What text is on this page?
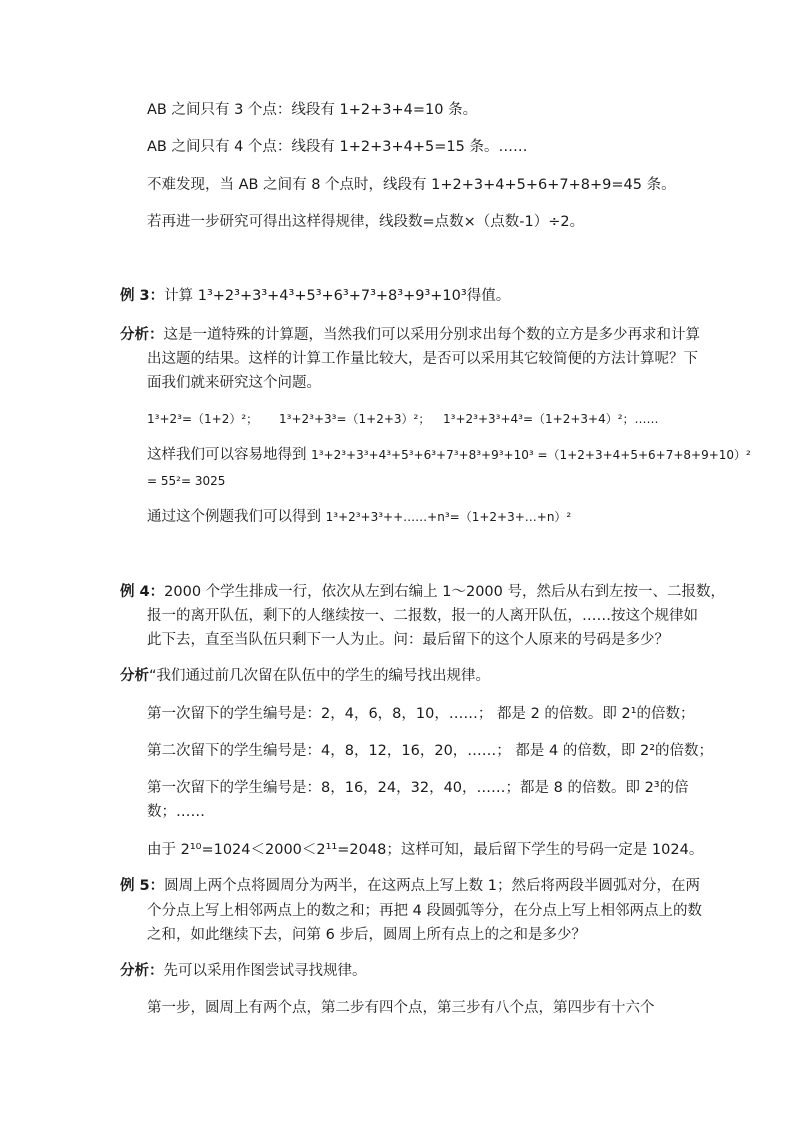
AB 之间只有 3 个点：线段有 1+2+3+4=10 条。
AB 之间只有 4 个点：线段有 1+2+3+4+5=15 条。……
不难发现，当 AB 之间有 8 个点时，线段有 1+2+3+4+5+6+7+8+9=45 条。
若再进一步研究可得出这样得规律，线段数=点数×（点数-1）÷2。
例 3：计算 1³+2³+3³+4³+5³+6³+7³+8³+9³+10³得值。
分析：这是一道特殊的计算题，当然我们可以采用分别求出每个数的立方是多少再求和计算
出这题的结果。这样的计算工作量比较大，是否可以采用其它较简便的方法计算呢？下
面我们就来研究这个问题。
1³+2³=（1+2）²； 1³+2³+3³=（1+2+3）²； 1³+2³+3³+4³=（1+2+3+4）²；……
这样我们可以容易地得到 1³+2³+3³+4³+5³+6³+7³+8³+9³+10³ =（1+2+3+4+5+6+7+8+9+10）²
= 55²= 3025
通过这个例题我们可以得到 1³+2³+3³++……+n³=（1+2+3+…+n）²
例 4：2000 个学生排成一行，依次从左到右编上 1～2000 号，然后从右到左按一、二报数，
报一的离开队伍，剩下的人继续按一、二报数，报一的人离开队伍，……按这个规律如
此下去，直至当队伍只剩下一人为止。问：最后留下的这个人原来的号码是多少？
分析“我们通过前几次留在队伍中的学生的编号找出规律。
第一次留下的学生编号是：2，4，6，8，10，……； 都是 2 的倍数。即 2¹的倍数；
第二次留下的学生编号是：4，8，12，16，20，……； 都是 4 的倍数，即 2²的倍数；
第一次留下的学生编号是：8，16，24，32，40，……；都是 8 的倍数。即 2³的倍
数；……
由于 2¹⁰=1024＜2000＜2¹¹=2048；这样可知，最后留下学生的号码一定是 1024。
例 5：圆周上两个点将圆周分为两半，在这两点上写上数 1；然后将两段半圆弧对分，在两
个分点上写上相邻两点上的数之和；再把 4 段圆弧等分，在分点上写上相邻两点上的数
之和，如此继续下去，问第 6 步后，圆周上所有点上的之和是多少？
分析：先可以采用作图尝试寻找规律。
第一步，圆周上有两个点，第二步有四个点，第三步有八个点，第四步有十六个
